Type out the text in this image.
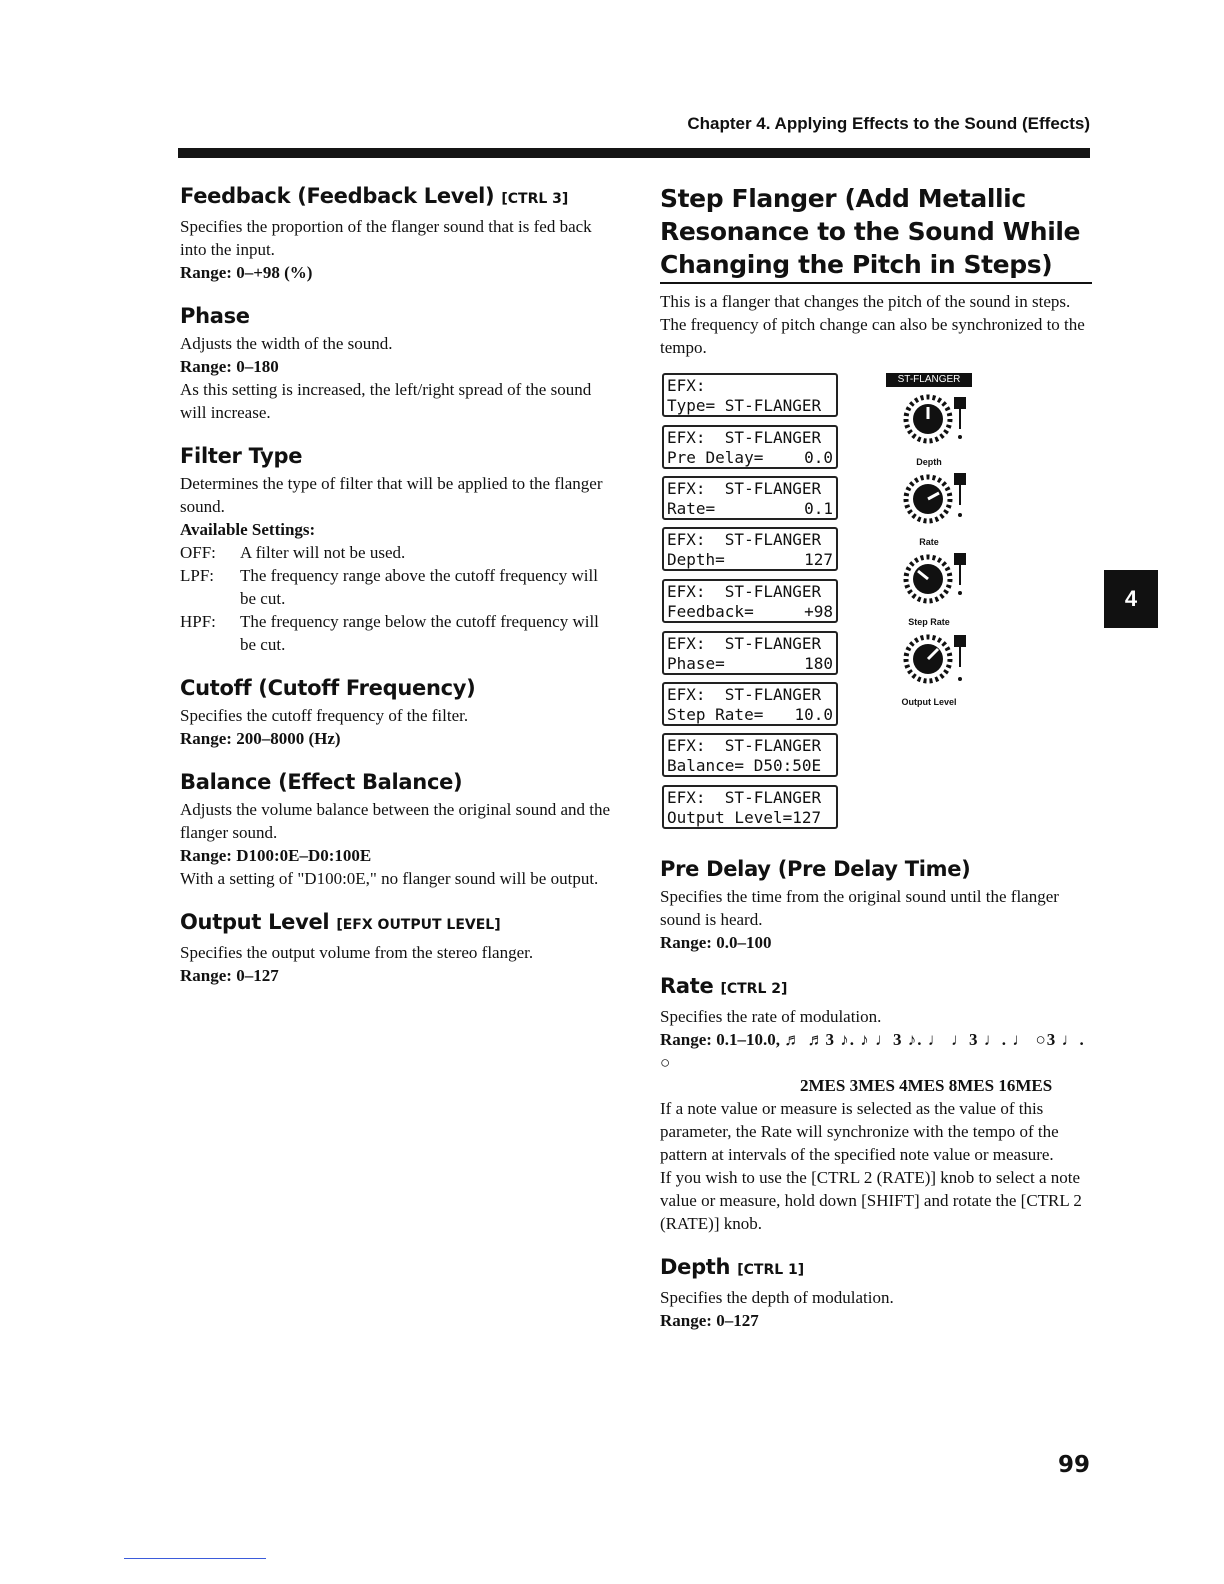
Chapter 4. Applying Effects to the Sound (Effects)
Feedback (Feedback Level) [CTRL 3]

Specifies the proportion of the flanger sound that is fed back into the input.

Range: 0–+98 (%)

Phase

Adjusts the width of the sound.

Range: 0–180

As this setting is increased, the left/right spread of the sound will increase.

Filter Type

Determines the type of filter that will be applied to the flanger sound.

Available Settings:

OFF:	A filter will not be used.
LPF:	The frequency range above the cutoff frequency will be cut.
HPF:	The frequency range below the cutoff frequency will be cut.
Cutoff (Cutoff Frequency)

Specifies the cutoff frequency of the filter.

Range: 200–8000 (Hz)

Balance (Effect Balance)

Adjusts the volume balance between the original sound and the flanger sound.

Range: D100:0E–D0:100E

With a setting of "D100:0E," no flanger sound will be output.

Output Level [EFX OUTPUT LEVEL]

Specifies the output volume from the stereo flanger.

Range: 0–127

Step Flanger (Add Metallic Resonance to the Sound While Changing the Pitch in Steps)

This is a flanger that changes the pitch of the sound in steps. The frequency of pitch change can also be synchronized to the tempo.

EFX:
Type= ST-FLANGER
EFX:  ST-FLANGER
Pre Delay=	0.0
EFX:  ST-FLANGER
Rate=	0.1
EFX:  ST-FLANGER
Depth=	127
EFX:  ST-FLANGER
Feedback=	+98
EFX:  ST-FLANGER
Phase=	180
EFX:  ST-FLANGER
Step Rate= 10.0
EFX:  ST-FLANGER
Balance= D50:50E
EFX:  ST-FLANGER
Output Level=127
ST-FLANGER
Depth
Rate
Step Rate
Output Level
Pre Delay (Pre Delay Time)

Specifies the time from the original sound until the flanger sound is heard.

Range: 0.0–100

Rate [CTRL 2]

Specifies the rate of modulation.

Range: 0.1–10.0, ♬ ♬3 ♪. ♪ ♩3 ♪. ♩ ♩3 ♩. ♩ ○3 ♩. ○

2MES 3MES 4MES 8MES 16MES

If a note value or measure is selected as the value of this parameter, the Rate will synchronize with the tempo of the pattern at intervals of the specified note value or measure.

If you wish to use the [CTRL 2 (RATE)] knob to select a note value or measure, hold down [SHIFT] and rotate the [CTRL 2 (RATE)] knob.

Depth [CTRL 1]

Specifies the depth of modulation.

Range: 0–127

4
99
